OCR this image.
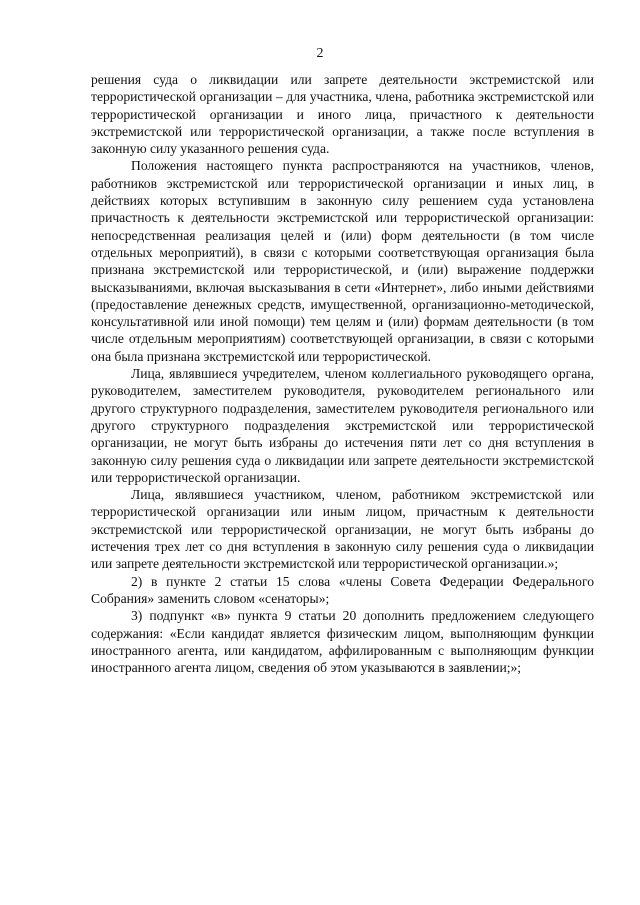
2

решения суда о ликвидации или запрете деятельности экстремистской или террористической организации – для участника, члена, работника экстремистской или террористической организации и иного лица, причастного к деятельности экстремистской или террористической организации, а также после вступления в законную силу указанного решения суда.

Положения настоящего пункта распространяются на участников, членов, работников экстремистской или террористической организации и иных лиц, в действиях которых вступившим в законную силу решением суда установлена причастность к деятельности экстремистской или террористической организации: непосредственная реализация целей и (или) форм деятельности (в том числе отдельных мероприятий), в связи с которыми соответствующая организация была признана экстремистской или террористической, и (или) выражение поддержки высказываниями, включая высказывания в сети «Интернет», либо иными действиями (предоставление денежных средств, имущественной, организационно-методической, консультативной или иной помощи) тем целям и (или) формам деятельности (в том числе отдельным мероприятиям) соответствующей организации, в связи с которыми она была признана экстремистской или террористической.

Лица, являвшиеся учредителем, членом коллегиального руководящего органа, руководителем, заместителем руководителя, руководителем регионального или другого структурного подразделения, заместителем руководителя регионального или другого структурного подразделения экстремистской или террористической организации, не могут быть избраны до истечения пяти лет со дня вступления в законную силу решения суда о ликвидации или запрете деятельности экстремистской или террористической организации.

Лица, являвшиеся участником, членом, работником экстремистской или террористической организации или иным лицом, причастным к деятельности экстремистской или террористической организации, не могут быть избраны до истечения трех лет со дня вступления в законную силу решения суда о ликвидации или запрете деятельности экстремистской или террористической организации.»;

2) в пункте 2 статьи 15 слова «члены Совета Федерации Федерального Собрания» заменить словом «сенаторы»;

3) подпункт «в» пункта 9 статьи 20 дополнить предложением следующего содержания: «Если кандидат является физическим лицом, выполняющим функции иностранного агента, или кандидатом, аффилированным с выполняющим функции иностранного агента лицом, сведения об этом указываются в заявлении;»;
